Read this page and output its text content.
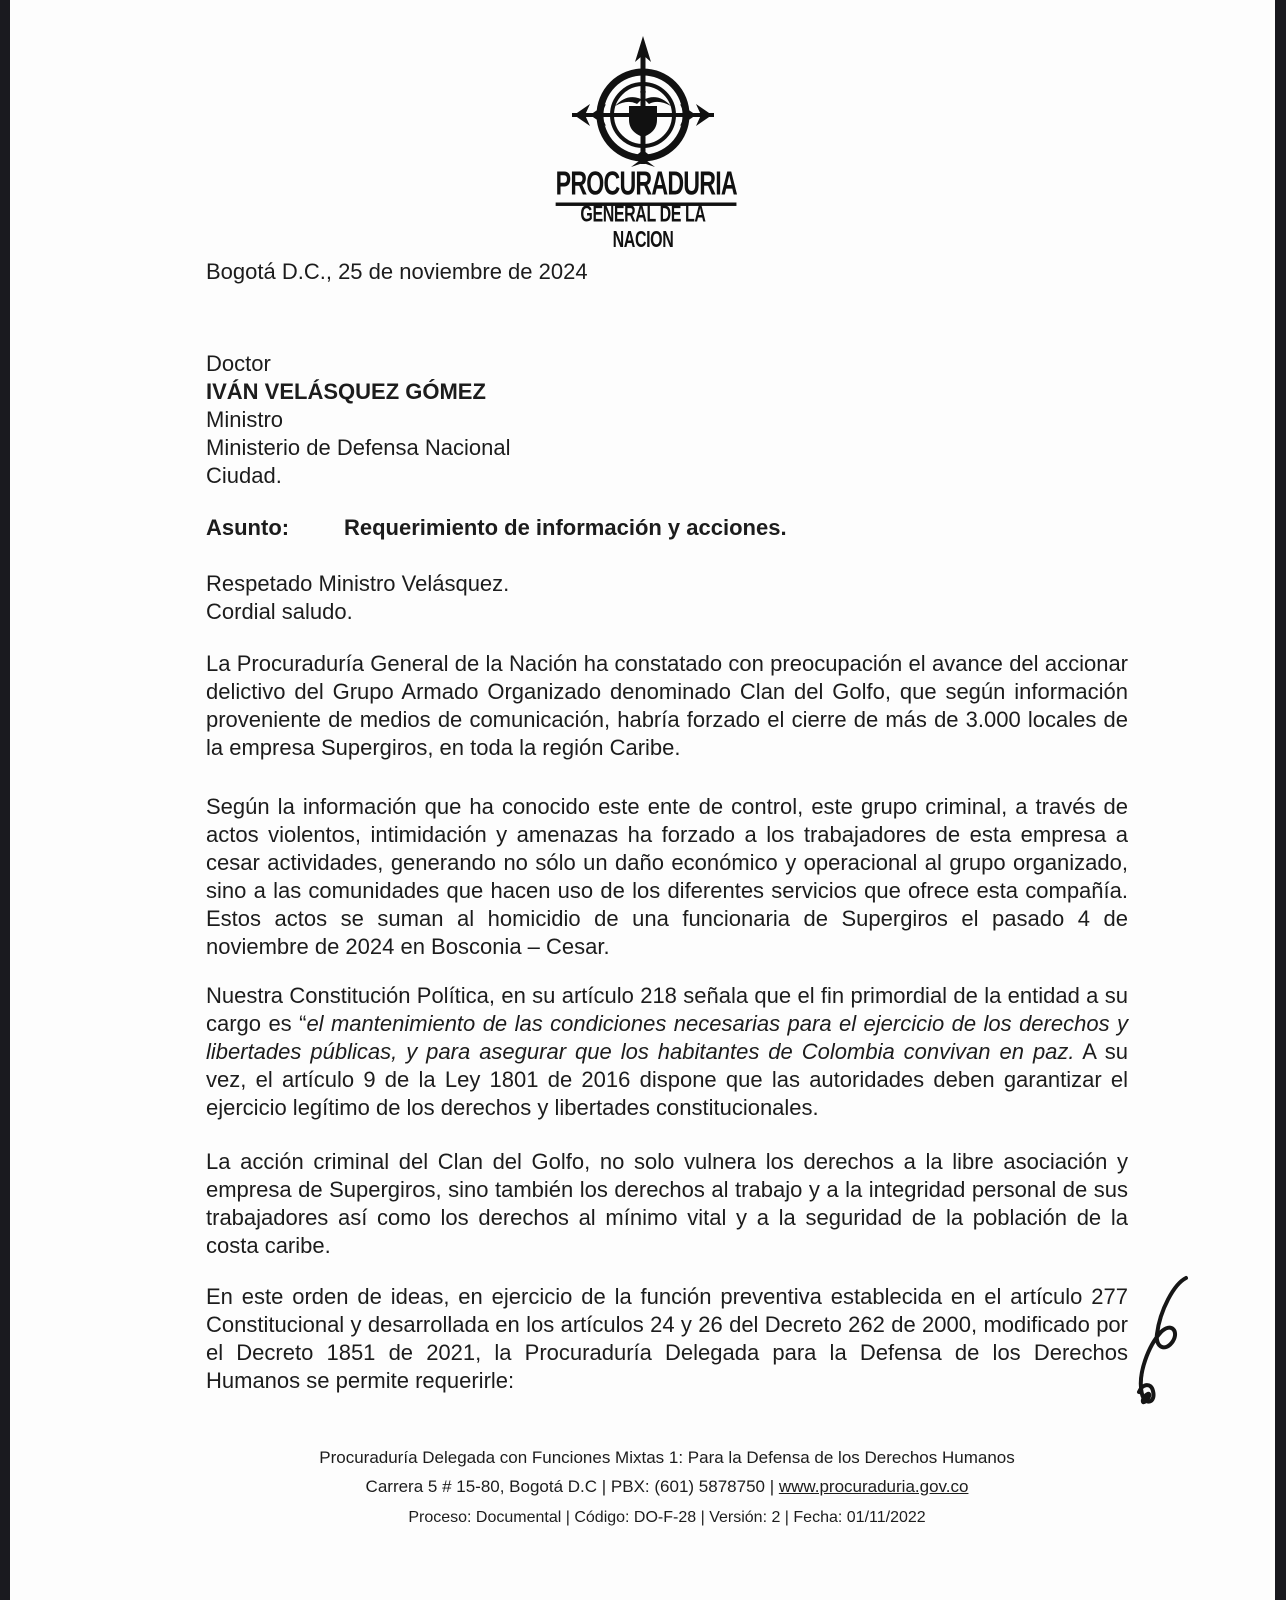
PROCURADURIA
GENERAL DE LA NACION
Bogotá D.C., 25 de noviembre de 2024
Doctor
IVÁN VELÁSQUEZ GÓMEZ
Ministro
Ministerio de Defensa Nacional
Ciudad.
Asunto: Requerimiento de información y acciones.
Respetado Ministro Velásquez.
Cordial saludo.

La Procuraduría General de la Nación ha constatado con preocupación el avance del accionar delictivo del Grupo Armado Organizado denominado Clan del Golfo, que según información proveniente de medios de comunicación, habría forzado el cierre de más de 3.000 locales de la empresa Supergiros, en toda la región Caribe.

Según la información que ha conocido este ente de control, este grupo criminal, a través de actos violentos, intimidación y amenazas ha forzado a los trabajadores de esta empresa a cesar actividades, generando no sólo un daño económico y operacional al grupo organizado, sino a las comunidades que hacen uso de los diferentes servicios que ofrece esta compañía. Estos actos se suman al homicidio de una funcionaria de Supergiros el pasado 4 de noviembre de 2024 en Bosconia – Cesar.

Nuestra Constitución Política, en su artículo 218 señala que el fin primordial de la entidad a su cargo es “el mantenimiento de las condiciones necesarias para el ejercicio de los derechos y libertades públicas, y para asegurar que los habitantes de Colombia convivan en paz. A su vez, el artículo 9 de la Ley 1801 de 2016 dispone que las autoridades deben garantizar el ejercicio legítimo de los derechos y libertades constitucionales.

La acción criminal del Clan del Golfo, no solo vulnera los derechos a la libre asociación y empresa de Supergiros, sino también los derechos al trabajo y a la integridad personal de sus trabajadores así como los derechos al mínimo vital y a la seguridad de la población de la costa caribe.

En este orden de ideas, en ejercicio de la función preventiva establecida en el artículo 277 Constitucional y desarrollada en los artículos 24 y 26 del Decreto 262 de 2000, modificado por el Decreto 1851 de 2021, la Procuraduría Delegada para la Defensa de los Derechos Humanos se permite requerirle:

Procuraduría Delegada con Funciones Mixtas 1: Para la Defensa de los Derechos Humanos
Carrera 5 # 15-80, Bogotá D.C | PBX: (601) 5878750 | www.procuraduria.gov.co
Proceso: Documental | Código: DO-F-28 | Versión: 2 | Fecha: 01/11/2022
